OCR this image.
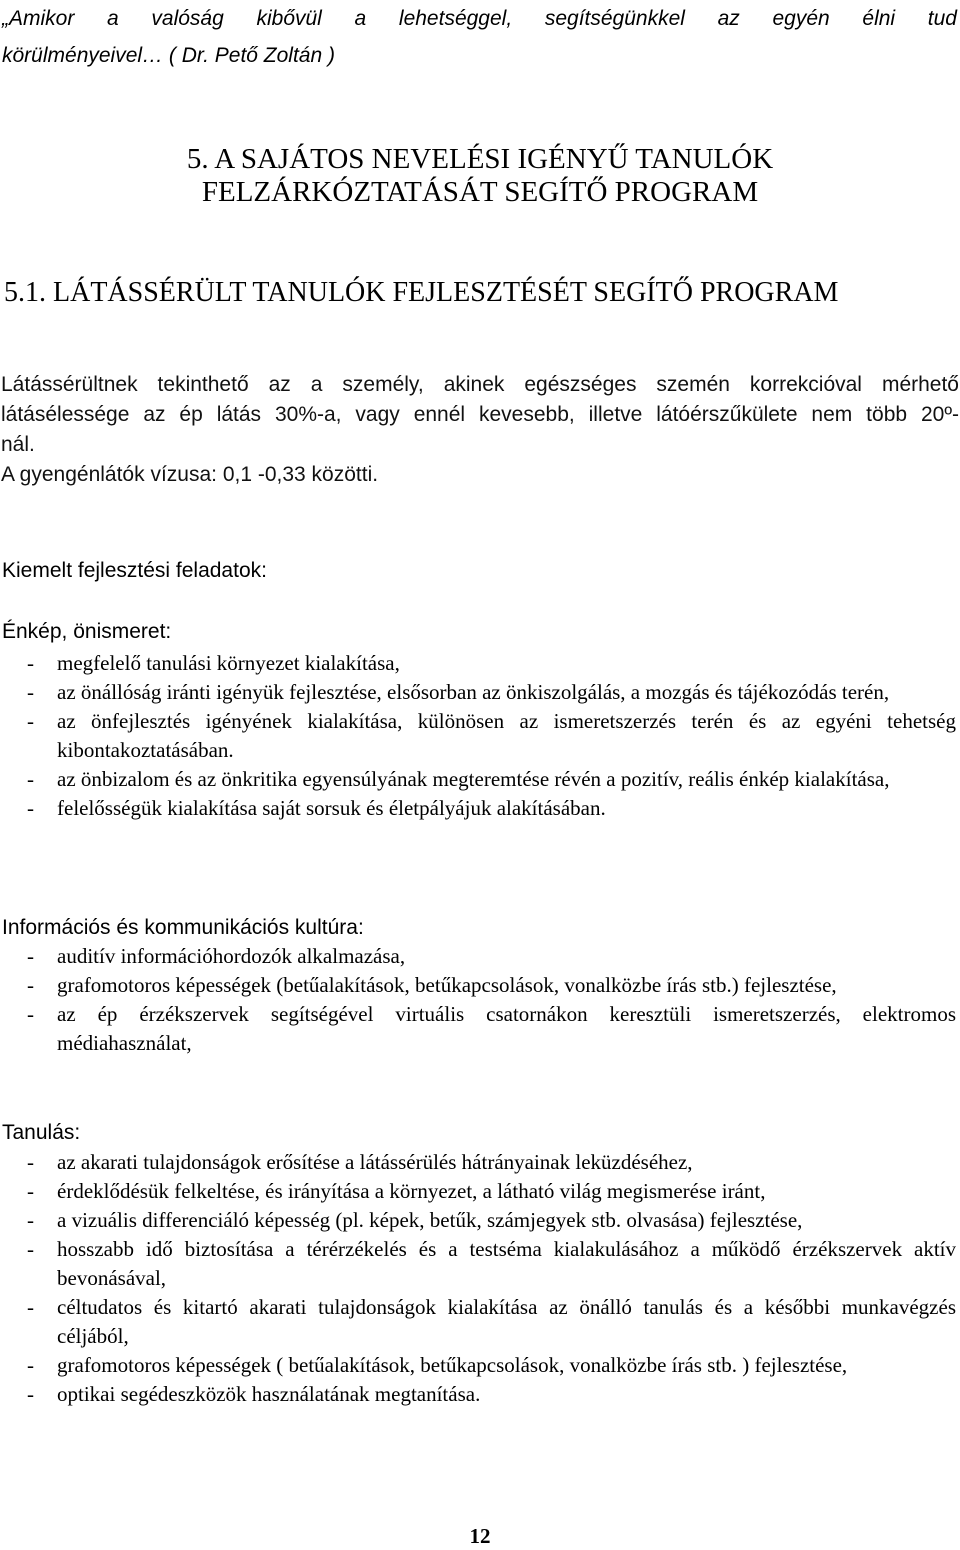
„Amikor a valóság kibővül a lehetséggel, segítségünkkel az egyén élni tud
körülményeivel… ( Dr. Pető Zoltán )
5. A SAJÁTOS NEVELÉSI IGÉNYŰ TANULÓK
FELZÁRKÓZTATÁSÁT SEGÍTŐ PROGRAM
5.1. LÁTÁSSÉRÜLT TANULÓK FEJLESZTÉSÉT SEGÍTŐ PROGRAM
Látássérültnek tekinthető az a személy, akinek egészséges szemén korrekcióval mérhető
látásélessége az ép látás 30%-a, vagy ennél kevesebb, illetve látóérszűkülete nem több 20º-
nál.
A gyengénlátók vízusa: 0,1 -0,33 közötti.
Kiemelt fejlesztési feladatok:
Énkép, önismeret:
- megfelelő tanulási környezet kialakítása,
- az önállóság iránti igényük fejlesztése, elsősorban az önkiszolgálás, a mozgás és tájékozódás terén,
- az önfejlesztés igényének kialakítása, különösen az ismeretszerzés terén és az egyéni tehetség kibontakoztatásában.
- az önbizalom és az önkritika egyensúlyának megteremtése révén a pozitív, reális énkép kialakítása,
- felelősségük kialakítása saját sorsuk és életpályájuk alakításában.
Információs és kommunikációs kultúra:
- auditív információhordozók alkalmazása,
- grafomotoros képességek (betűalakítások, betűkapcsolások, vonalközbe írás stb.) fejlesztése,
- az ép érzékszervek segítségével virtuális csatornákon keresztüli ismeretszerzés, elektromos médiahasználat,
Tanulás:
- az akarati tulajdonságok erősítése a látássérülés hátrányainak leküzdéséhez,
- érdeklődésük felkeltése, és irányítása a környezet, a látható világ megismerése iránt,
- a vizuális differenciáló képesség (pl. képek, betűk, számjegyek stb. olvasása) fejlesztése,
- hosszabb idő biztosítása a térérzékelés és a testséma kialakulásához a működő érzékszervek aktív bevonásával,
- céltudatos és kitartó akarati tulajdonságok kialakítása az önálló tanulás és a későbbi munkavégzés céljából,
- grafomotoros képességek ( betűalakítások, betűkapcsolások, vonalközbe írás stb. ) fejlesztése,
- optikai segédeszközök használatának megtanítása.
12
